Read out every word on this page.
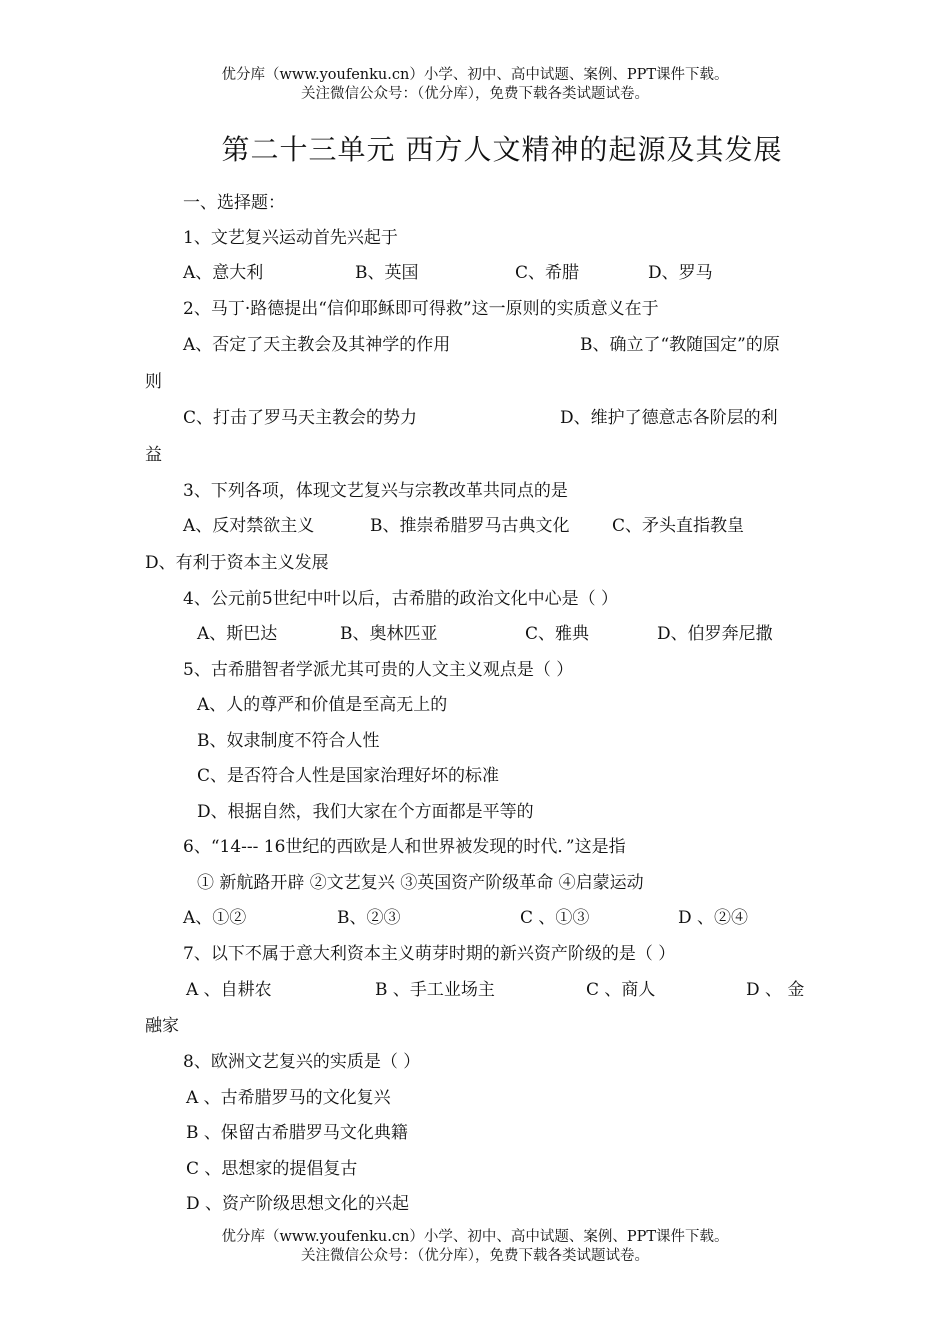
优分库（www.youfenku.cn）小学、初中、高中试题、案例、PPT课件下载。
关注微信公众号：（优分库），免费下载各类试题试卷。
第二十三单元 西方人文精神的起源及其发展
一、选择题：
1、文艺复兴运动首先兴起于
A、意大利	B、英国	C、希腊	D、罗马
2、马丁·路德提出“信仰耶稣即可得救”这一原则的实质意义在于
A、否定了天主教会及其神学的作用	B、确立了“教随国定”的原
则
C、打击了罗马天主教会的势力	D、维护了德意志各阶层的利
益
3、下列各项，体现文艺复兴与宗教改革共同点的是
A、反对禁欲主义	B、推崇希腊罗马古典文化	C、矛头直指教皇
D、有利于资本主义发展
4、公元前5世纪中叶以后，古希腊的政治文化中心是（ ）
A、斯巴达	B、奥林匹亚	C、雅典	D、伯罗奔尼撒
5、古希腊智者学派尤其可贵的人文主义观点是（ ）
A、人的尊严和价值是至高无上的
B、奴隶制度不符合人性
C、是否符合人性是国家治理好坏的标准
D、根据自然，我们大家在个方面都是平等的
6、“14--- 16世纪的西欧是人和世界被发现的时代．”这是指
① 新航路开辟 ②文艺复兴 ③英国资产阶级革命 ④启蒙运动
A、①②	B、②③	C 、①③	D 、②④
7、以下不属于意大利资本主义萌芽时期的新兴资产阶级的是（ ）
A 、自耕农	B 、手工业场主	C 、商人	D 、 金
融家
8、欧洲文艺复兴的实质是（ ）
A 、古希腊罗马的文化复兴
B 、保留古希腊罗马文化典籍
C 、思想家的提倡复古
D 、资产阶级思想文化的兴起
优分库（www.youfenku.cn）小学、初中、高中试题、案例、PPT课件下载。
关注微信公众号：（优分库），免费下载各类试题试卷。
